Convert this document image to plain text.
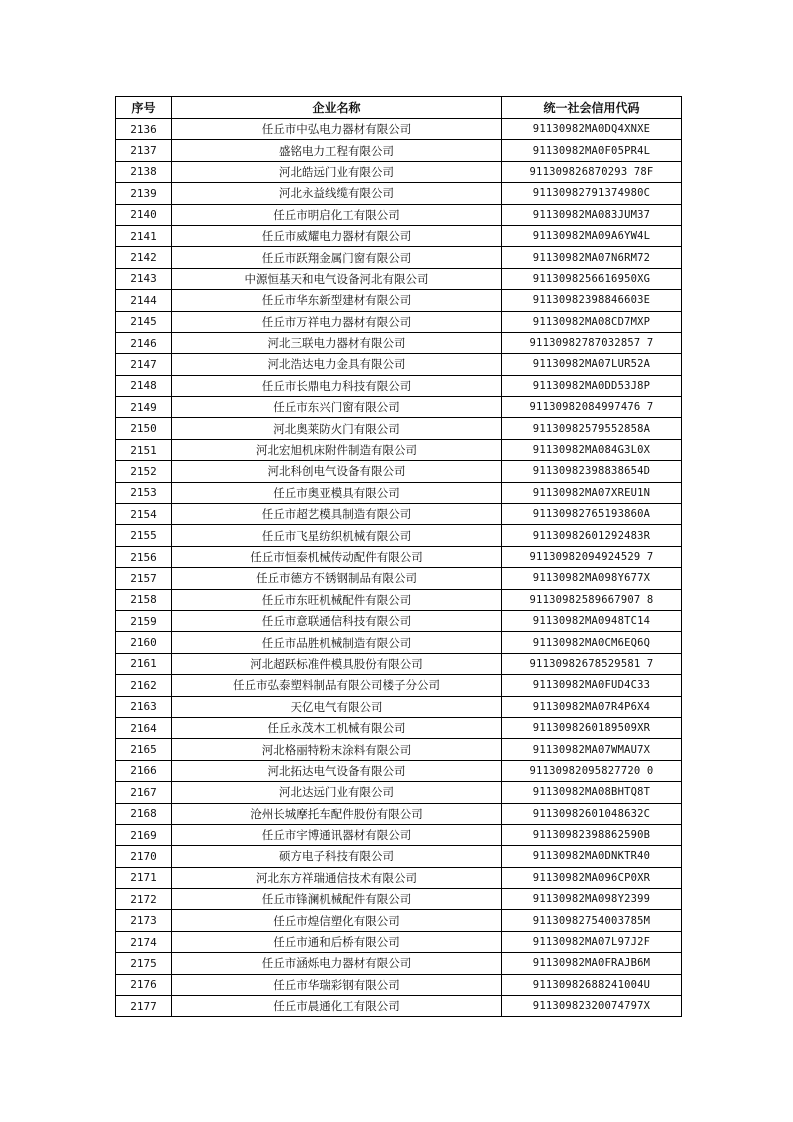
序号	企业名称	统一社会信用代码
2136	任丘市中弘电力器材有限公司	91130982MA0DQ4XNXE
2137	盛铭电力工程有限公司	91130982MA0F05PR4L
2138	河北皓远门业有限公司	911309826870293 78F
2139	河北永益线缆有限公司	91130982791374980C
2140	任丘市明启化工有限公司	91130982MA083JUM37
2141	任丘市威耀电力器材有限公司	91130982MA09A6YW4L
2142	任丘市跃翔金属门窗有限公司	91130982MA07N6RM72
2143	中源恒基天和电气设备河北有限公司	9113098256616950XG
2144	任丘市华东新型建材有限公司	91130982398846603E
2145	任丘市万祥电力器材有限公司	91130982MA08CD7MXP
2146	河北三联电力器材有限公司	91130982787032857 7
2147	河北浩达电力金具有限公司	91130982MA07LUR52A
2148	任丘市长鼎电力科技有限公司	91130982MA0DD53J8P
2149	任丘市东兴门窗有限公司	91130982084997476 7
2150	河北奥莱防火门有限公司	91130982579552858A
2151	河北宏旭机床附件制造有限公司	91130982MA084G3L0X
2152	河北科创电气设备有限公司	91130982398838654D
2153	任丘市奥亚模具有限公司	91130982MA07XREU1N
2154	任丘市超艺模具制造有限公司	91130982765193860A
2155	任丘市飞星纺织机械有限公司	91130982601292483R
2156	任丘市恒泰机械传动配件有限公司	91130982094924529 7
2157	任丘市德方不锈钢制品有限公司	91130982MA098Y677X
2158	任丘市东旺机械配件有限公司	91130982589667907 8
2159	任丘市意联通信科技有限公司	91130982MA0948TC14
2160	任丘市品胜机械制造有限公司	91130982MA0CM6EQ6Q
2161	河北超跃标准件模具股份有限公司	91130982678529581 7
2162	任丘市弘泰塑料制品有限公司楼子分公司	91130982MA0FUD4C33
2163	天亿电气有限公司	91130982MA07R4P6X4
2164	任丘永茂木工机械有限公司	9113098260189509XR
2165	河北格丽特粉末涂料有限公司	91130982MA07WMAU7X
2166	河北拓达电气设备有限公司	91130982095827720 0
2167	河北达远门业有限公司	91130982MA08BHTQ8T
2168	沧州长城摩托车配件股份有限公司	91130982601048632C
2169	任丘市宇博通讯器材有限公司	91130982398862590B
2170	硕方电子科技有限公司	91130982MA0DNKTR40
2171	河北东方祥瑞通信技术有限公司	91130982MA096CP0XR
2172	任丘市锋澜机械配件有限公司	91130982MA098Y2399
2173	任丘市煌信塑化有限公司	91130982754003785M
2174	任丘市通和后桥有限公司	91130982MA07L97J2F
2175	任丘市涵烁电力器材有限公司	91130982MA0FRAJB6M
2176	任丘市华瑞彩钢有限公司	91130982688241004U
2177	任丘市晨通化工有限公司	91130982320074797X
